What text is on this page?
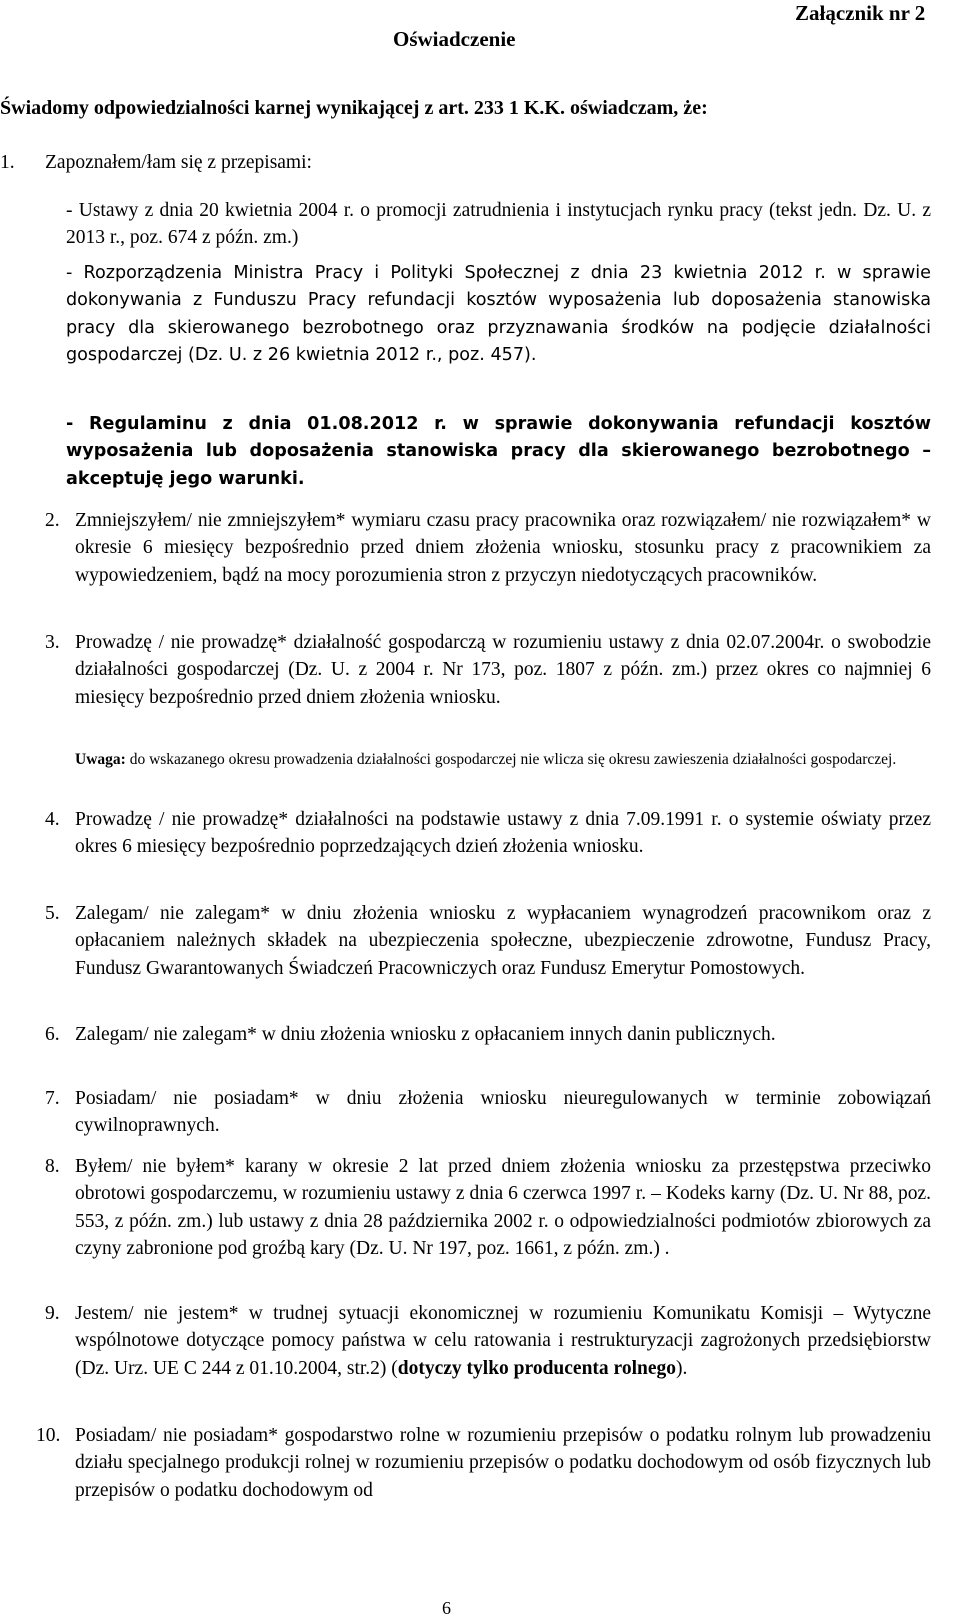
Załącznik nr 2
Oświadczenie
Świadomy odpowiedzialności karnej wynikającej z art. 233 1 K.K. oświadczam, że:
1.	Zapoznałem/łam się z przepisami:
- Ustawy z dnia 20 kwietnia 2004 r. o promocji zatrudnienia i instytucjach rynku pracy (tekst jedn. Dz. U. z 2013 r., poz. 674 z późn. zm.)
- Rozporządzenia Ministra Pracy i Polityki Społecznej z dnia 23 kwietnia 2012 r. w sprawie dokonywania z Funduszu Pracy refundacji kosztów wyposażenia lub doposażenia stanowiska pracy dla skierowanego bezrobotnego oraz przyznawania środków na podjęcie działalności gospodarczej (Dz. U. z 26 kwietnia 2012 r., poz. 457).
- Regulaminu z dnia 01.08.2012 r. w sprawie dokonywania refundacji kosztów wyposażenia lub doposażenia stanowiska pracy dla skierowanego bezrobotnego – akceptuję jego warunki.
2. Zmniejszyłem/ nie zmniejszyłem* wymiaru czasu pracy pracownika oraz rozwiązałem/ nie rozwiązałem* w okresie 6 miesięcy bezpośrednio przed dniem złożenia wniosku, stosunku pracy z pracownikiem za wypowiedzeniem, bądź na mocy porozumienia stron z przyczyn niedotyczących pracowników.
3. Prowadzę / nie prowadzę* działalność gospodarczą w rozumieniu ustawy z dnia 02.07.2004r. o swobodzie działalności gospodarczej (Dz. U. z 2004 r. Nr 173, poz. 1807 z późn. zm.) przez okres co najmniej 6 miesięcy bezpośrednio przed dniem złożenia wniosku.
Uwaga: do wskazanego okresu prowadzenia działalności gospodarczej nie wlicza się okresu zawieszenia działalności gospodarczej.
4. Prowadzę / nie prowadzę* działalności na podstawie ustawy z dnia 7.09.1991 r. o systemie oświaty przez okres 6 miesięcy bezpośrednio poprzedzających dzień złożenia wniosku.
5. Zalegam/ nie zalegam* w dniu złożenia wniosku z wypłacaniem wynagrodzeń pracownikom oraz z opłacaniem należnych składek na ubezpieczenia społeczne, ubezpieczenie zdrowotne, Fundusz Pracy, Fundusz Gwarantowanych Świadczeń Pracowniczych oraz Fundusz Emerytur Pomostowych.
6. Zalegam/ nie zalegam* w dniu złożenia wniosku z opłacaniem innych danin publicznych.
7. Posiadam/ nie posiadam* w dniu złożenia wniosku nieuregulowanych w terminie zobowiązań cywilnoprawnych.
8. Byłem/ nie byłem* karany w okresie 2 lat przed dniem złożenia wniosku za przestępstwa przeciwko obrotowi gospodarczemu, w rozumieniu ustawy z dnia 6 czerwca 1997 r. – Kodeks karny (Dz. U. Nr 88, poz. 553, z późn. zm.) lub ustawy z dnia 28 października 2002 r. o odpowiedzialności podmiotów zbiorowych za czyny zabronione pod groźbą kary (Dz. U. Nr 197, poz. 1661, z późn. zm.) .
9. Jestem/ nie jestem* w trudnej sytuacji ekonomicznej w rozumieniu Komunikatu Komisji – Wytyczne wspólnotowe dotyczące pomocy państwa w celu ratowania i restrukturyzacji zagrożonych przedsiębiorstw (Dz. Urz. UE C 244 z 01.10.2004, str.2) (dotyczy tylko producenta rolnego).
10. Posiadam/ nie posiadam* gospodarstwo rolne w rozumieniu przepisów o podatku rolnym lub prowadzeniu działu specjalnego produkcji rolnej w rozumieniu przepisów o podatku dochodowym od osób fizycznych lub przepisów o podatku dochodowym od
6
